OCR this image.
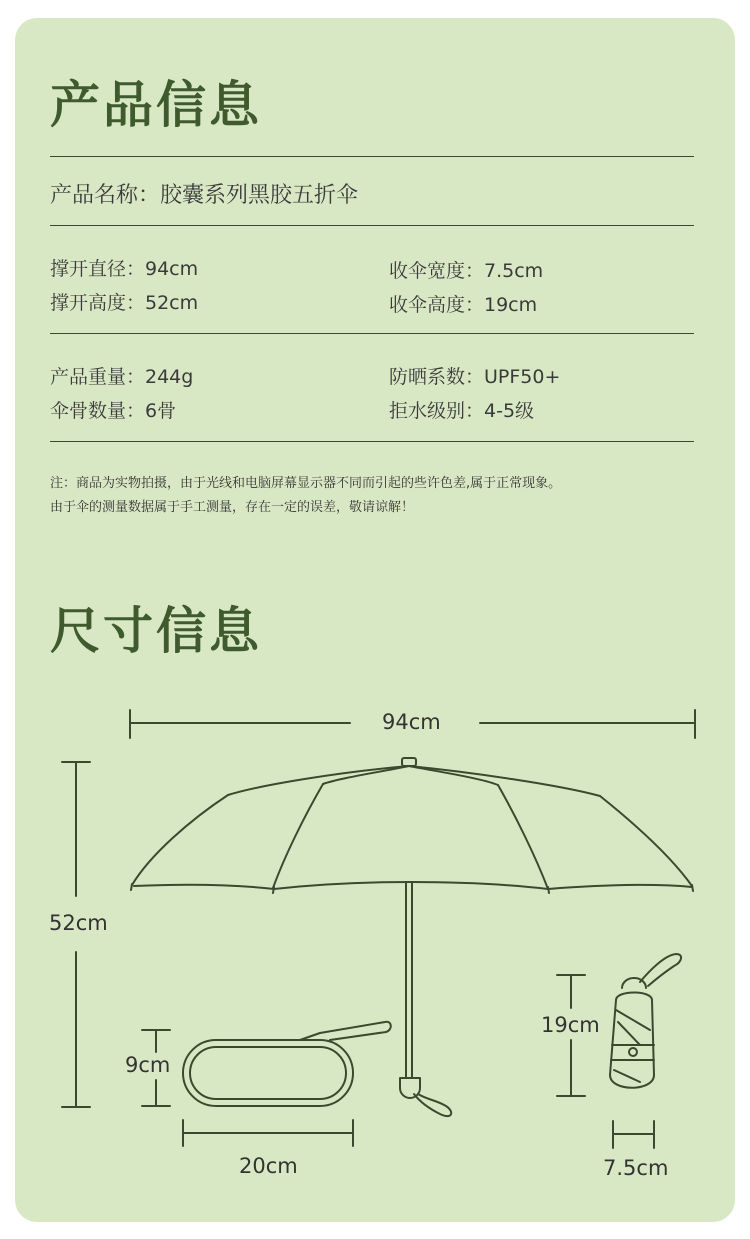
产品信息
产品名称：胶囊系列黑胶五折伞
撑开直径：94cm	收伞宽度：7.5cm
撑开高度：52cm	收伞高度：19cm
产品重量：244g	防晒系数：UPF50+
伞骨数量：6骨	拒水级别：4-5级
注：商品为实物拍摄，由于光线和电脑屏幕显示器不同而引起的些许色差,属于正常现象。
由于伞的测量数据属于手工测量，存在一定的误差，敬请谅解！
尺寸信息
94cm
52cm
9cm
20cm
19cm
7.5cm
